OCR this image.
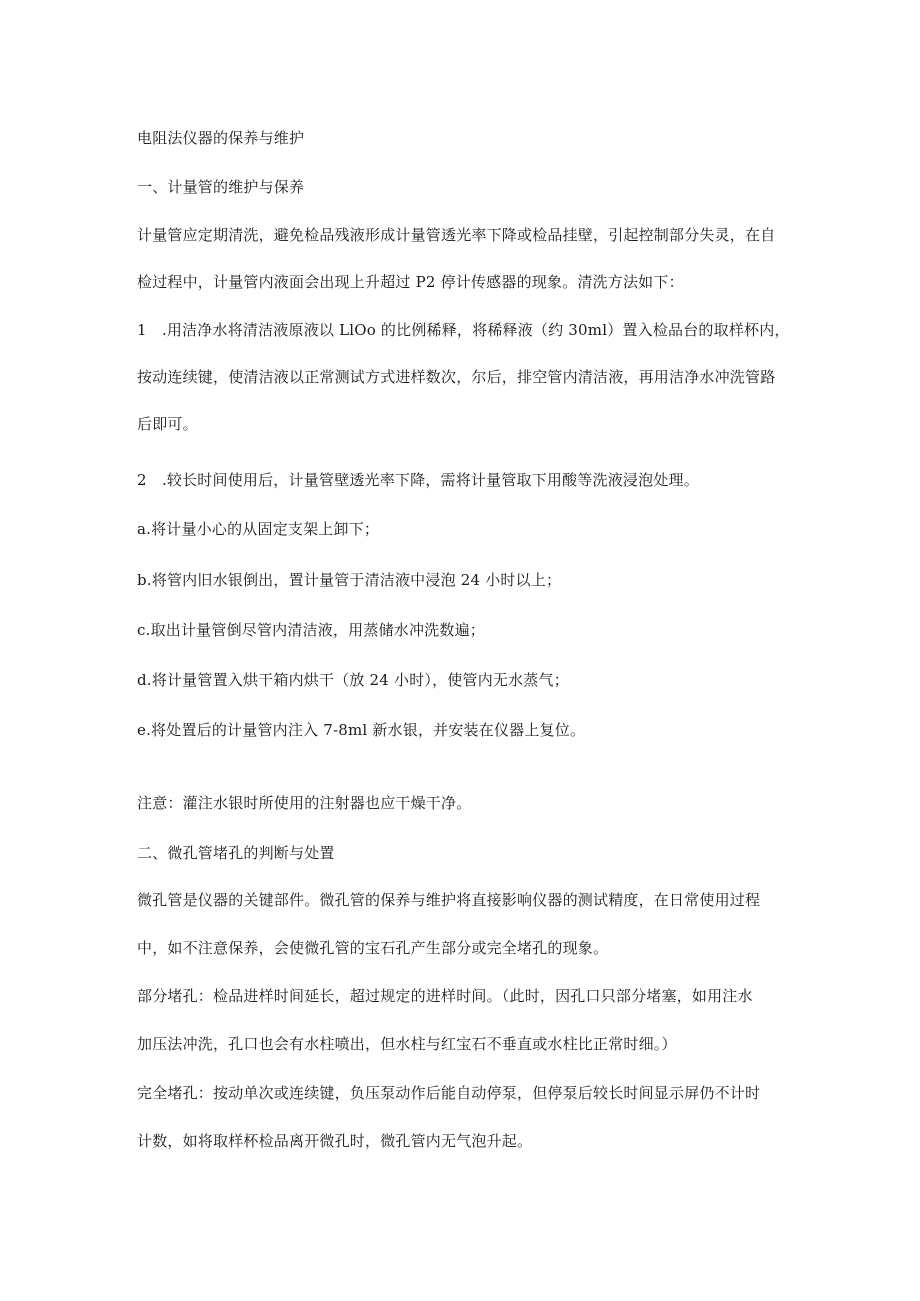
电阻法仪器的保养与维护
一、计量管的维护与保养
计量管应定期清洗，避免检品残液形成计量管透光率下降或检品挂壁，引起控制部分失灵，在自
检过程中，计量管内液面会出现上升超过 P2 停计传感器的现象。清洗方法如下：
1　.用洁净水将清洁液原液以 LlOo 的比例稀释，将稀释液（约 30ml）置入检品台的取样杯内，
按动连续键，使清洁液以正常测试方式进样数次，尔后，排空管内清洁液，再用洁净水冲洗管路
后即可。
2　.较长时间使用后，计量管壁透光率下降，需将计量管取下用酸等洗液浸泡处理。
a.将计量小心的从固定支架上卸下；
b.将管内旧水银倒出，置计量管于清洁液中浸泡 24 小时以上；
c.取出计量管倒尽管内清洁液，用蒸储水冲洗数遍；
d.将计量管置入烘干箱内烘干（放 24 小时），使管内无水蒸气；
e.将处置后的计量管内注入 7-8ml 新水银，并安装在仪器上复位。
注意：灌注水银时所使用的注射器也应干燥干净。
二、微孔管堵孔的判断与处置
微孔管是仪器的关键部件。微孔管的保养与维护将直接影响仪器的测试精度，在日常使用过程
中，如不注意保养，会使微孔管的宝石孔产生部分或完全堵孔的现象。
部分堵孔：检品进样时间延长，超过规定的进样时间。（此时，因孔口只部分堵塞，如用注水
加压法冲洗，孔口也会有水柱喷出，但水柱与红宝石不垂直或水柱比正常时细。）
完全堵孔：按动单次或连续键，负压泵动作后能自动停泵，但停泵后较长时间显示屏仍不计时
计数，如将取样杯检品离开微孔时，微孔管内无气泡升起。
